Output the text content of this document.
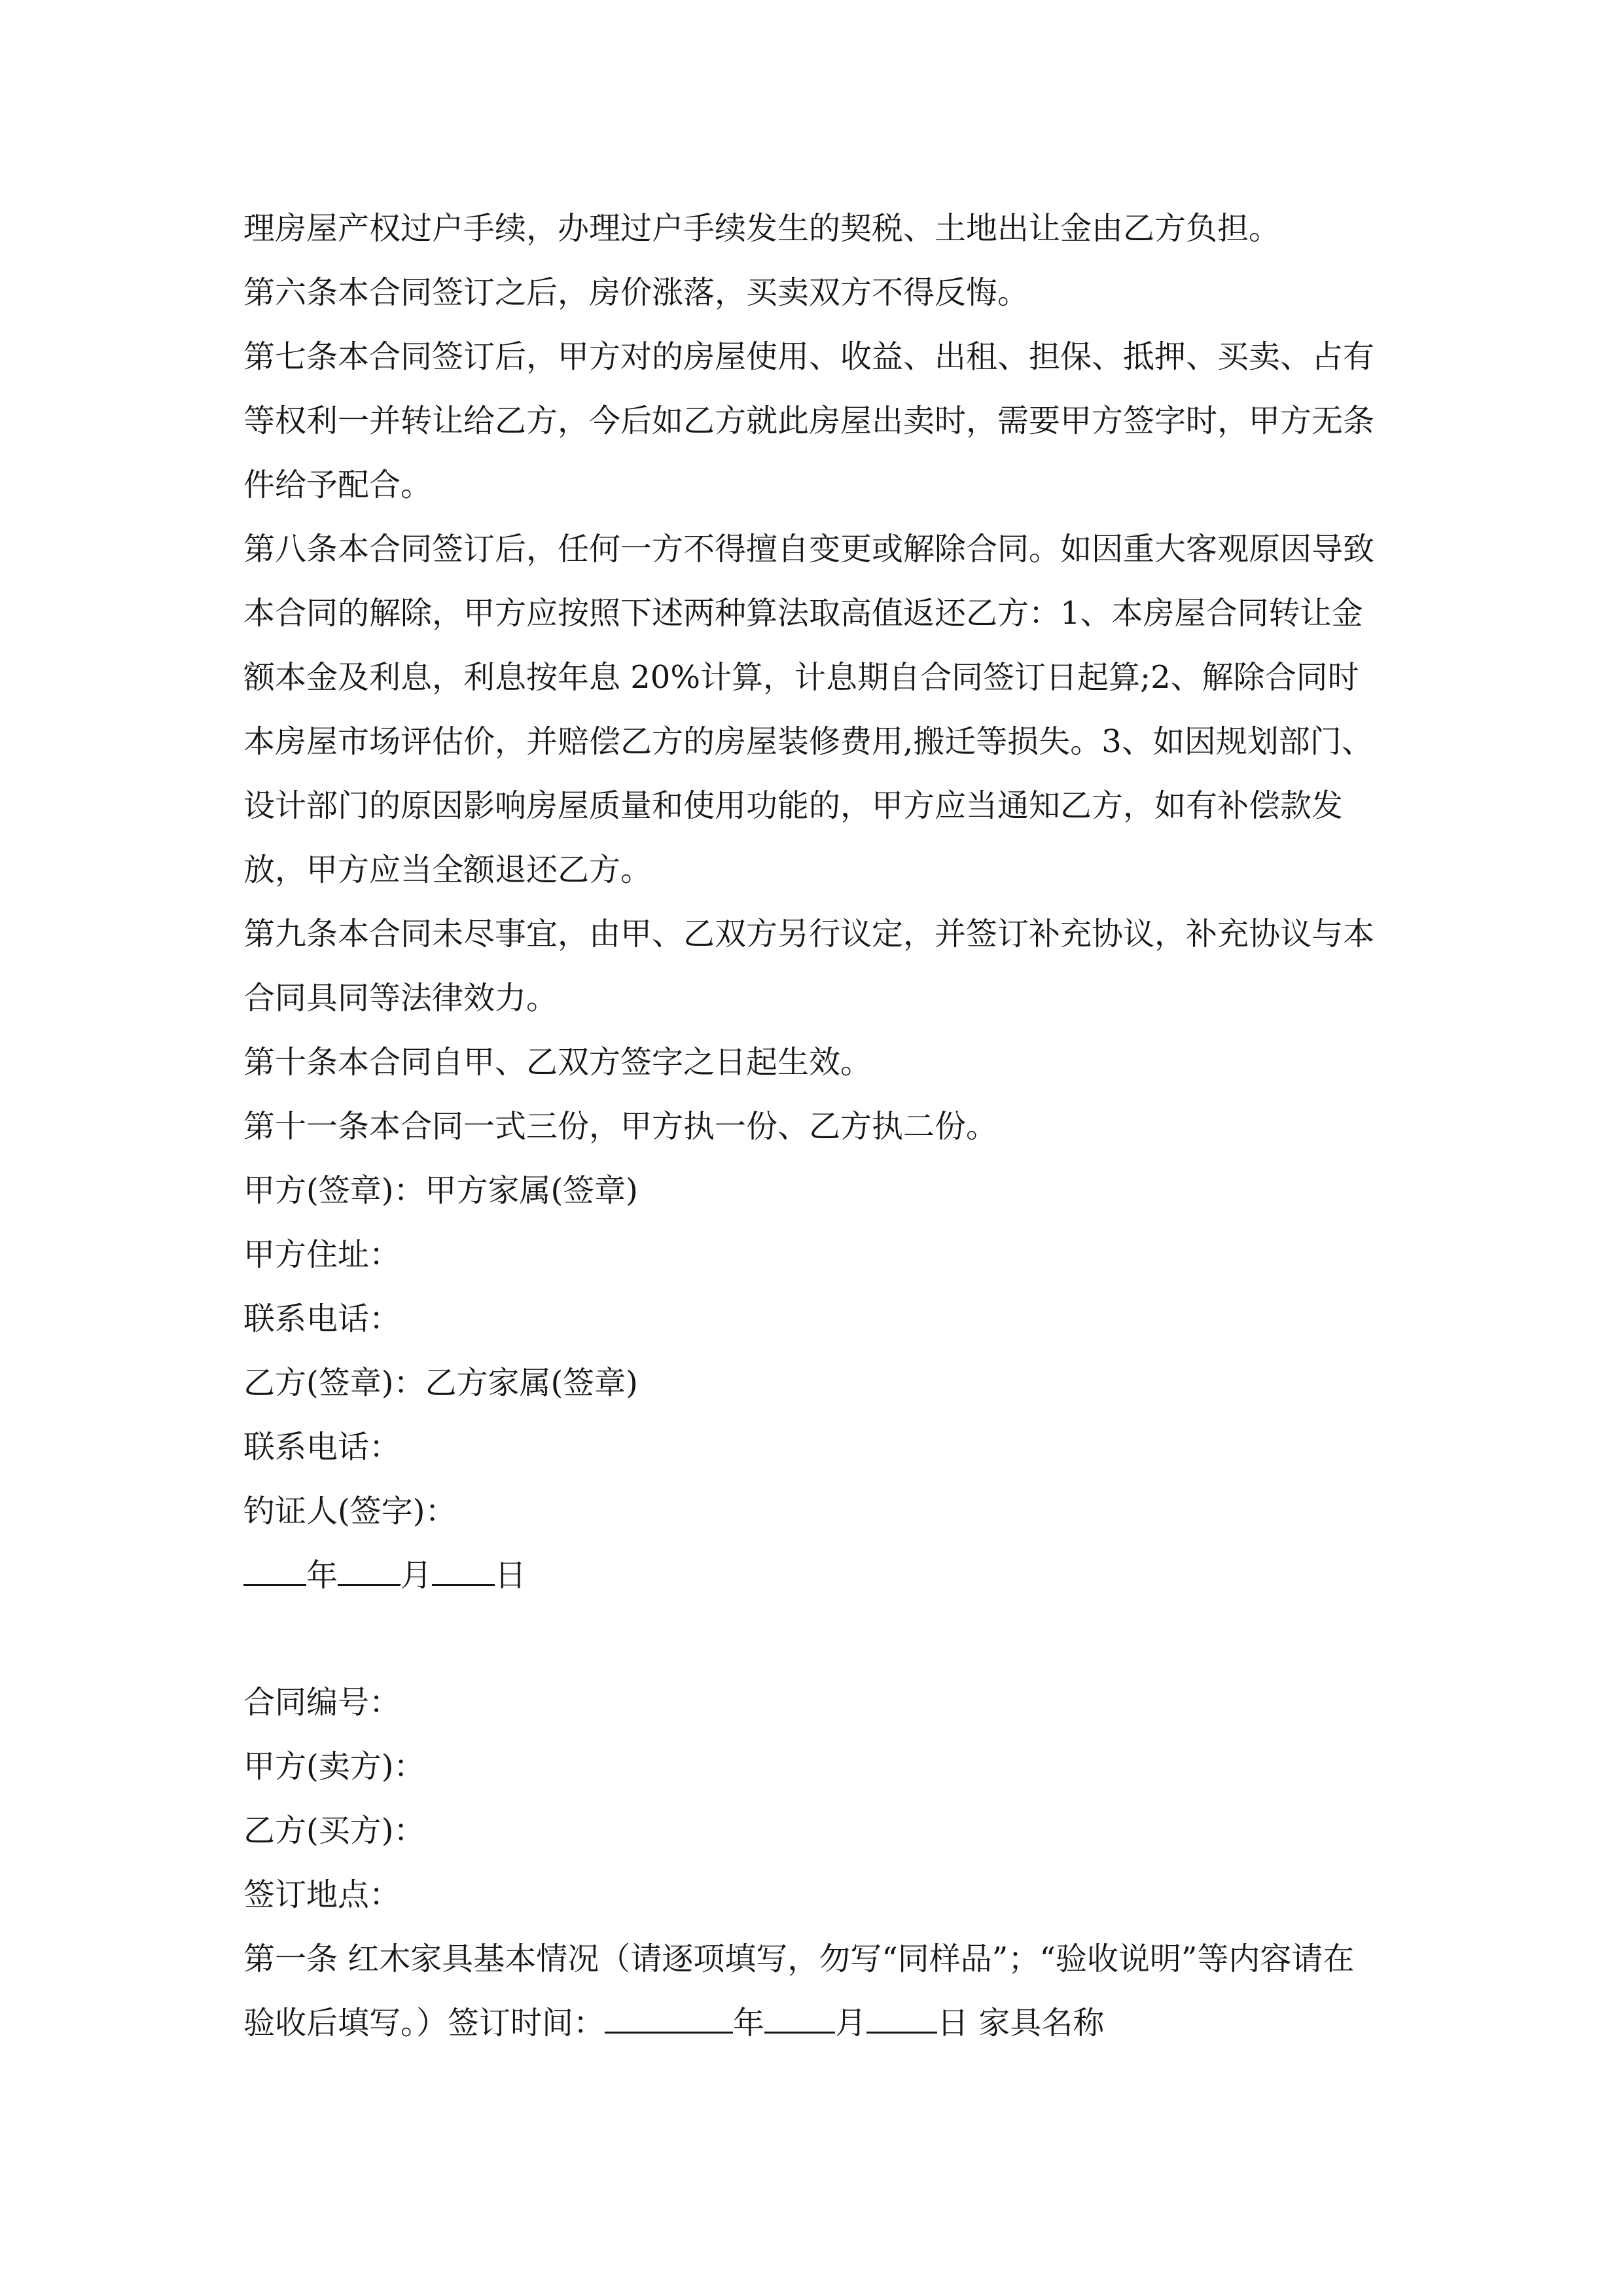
理房屋产权过户手续，办理过户手续发生的契税、土地出让金由乙方负担。

第六条本合同签订之后，房价涨落，买卖双方不得反悔。

第七条本合同签订后，甲方对的房屋使用、收益、出租、担保、抵押、买卖、占有等权利一并转让给乙方，今后如乙方就此房屋出卖时，需要甲方签字时，甲方无条件给予配合。

第八条本合同签订后，任何一方不得擅自变更或解除合同。如因重大客观原因导致本合同的解除，甲方应按照下述两种算法取高值返还乙方：1、本房屋合同转让金额本金及利息，利息按年息 20%计算，计息期自合同签订日起算;2、解除合同时本房屋市场评估价，并赔偿乙方的房屋装修费用,搬迁等损失。3、如因规划部门、设计部门的原因影响房屋质量和使用功能的，甲方应当通知乙方，如有补偿款发放，甲方应当全额退还乙方。

第九条本合同未尽事宜，由甲、乙双方另行议定，并签订补充协议，补充协议与本合同具同等法律效力。

第十条本合同自甲、乙双方签字之日起生效。

第十一条本合同一式三份，甲方执一份、乙方执二份。

甲方(签章)：甲方家属(签章)

甲方住址：

联系电话：

乙方(签章)：乙方家属(签章)

联系电话：

钓证人(签字)：

年 月 日

合同编号：

甲方(卖方)：

乙方(买方)：

签订地点：

第一条 红木家具基本情况（请逐项填写，勿写“同样品”；“验收说明”等内容请在验收后填写。）签订时间：	年 月 日 家具名称
